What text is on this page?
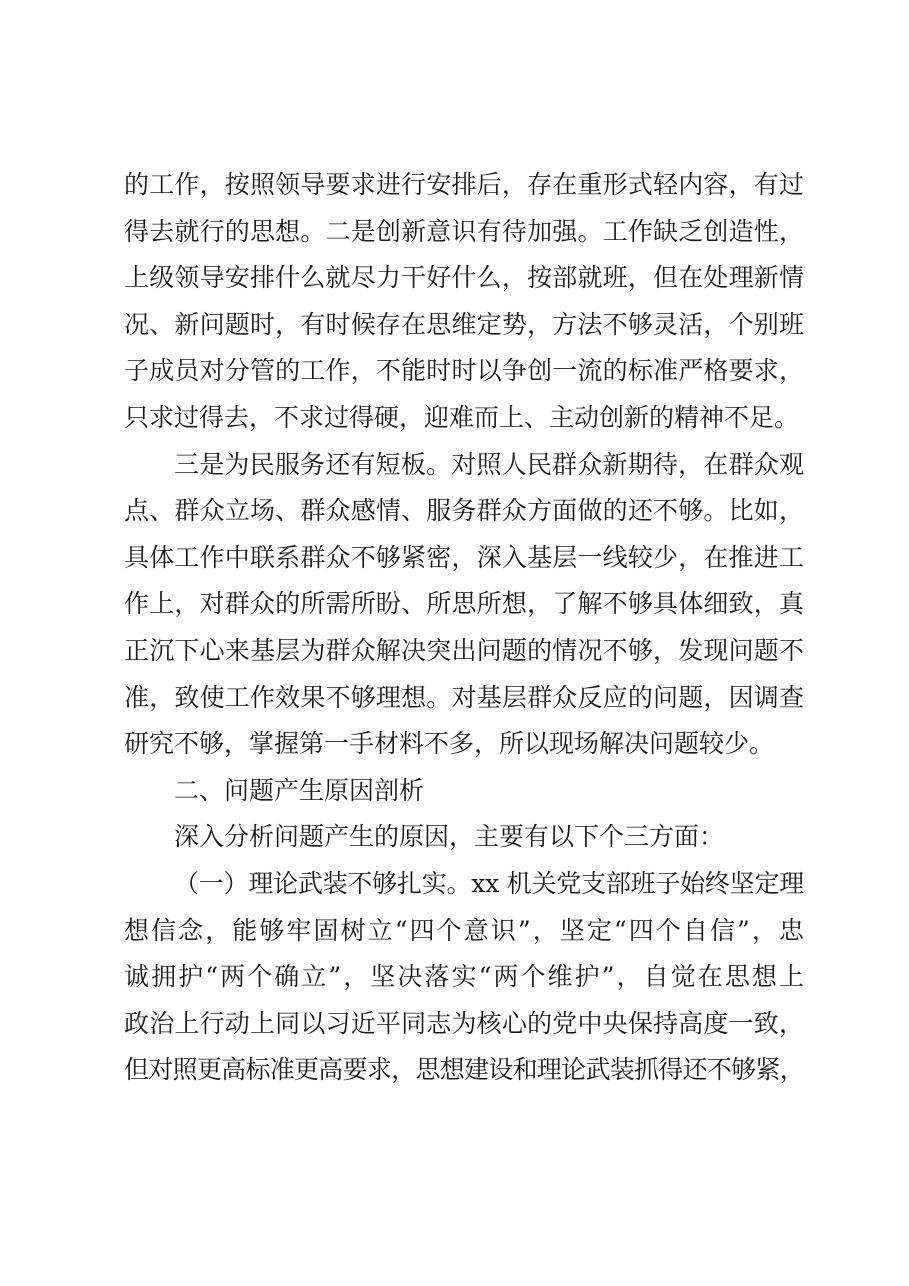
的工作，按照领导要求进行安排后，存在重形式轻内容，有过
得去就行的思想。二是创新意识有待加强。工作缺乏创造性，
上级领导安排什么就尽力干好什么，按部就班，但在处理新情
况、新问题时，有时候存在思维定势，方法不够灵活，个别班
子成员对分管的工作，不能时时以争创一流的标准严格要求，
只求过得去，不求过得硬，迎难而上、主动创新的精神不足。

三是为民服务还有短板。对照人民群众新期待，在群众观
点、群众立场、群众感情、服务群众方面做的还不够。比如，
具体工作中联系群众不够紧密，深入基层一线较少，在推进工
作上，对群众的所需所盼、所思所想，了解不够具体细致，真
正沉下心来基层为群众解决突出问题的情况不够，发现问题不
准，致使工作效果不够理想。对基层群众反应的问题，因调查
研究不够，掌握第一手材料不多，所以现场解决问题较少。

二、问题产生原因剖析

深入分析问题产生的原因，主要有以下个三方面：

（一）理论武装不够扎实。xx 机关党支部班子始终坚定理
想信念，能够牢固树立“四个意识”，坚定“四个自信”，忠
诚拥护“两个确立”，坚决落实“两个维护”，自觉在思想上
政治上行动上同以习近平同志为核心的党中央保持高度一致，
但对照更高标准更高要求，思想建设和理论武装抓得还不够紧，
